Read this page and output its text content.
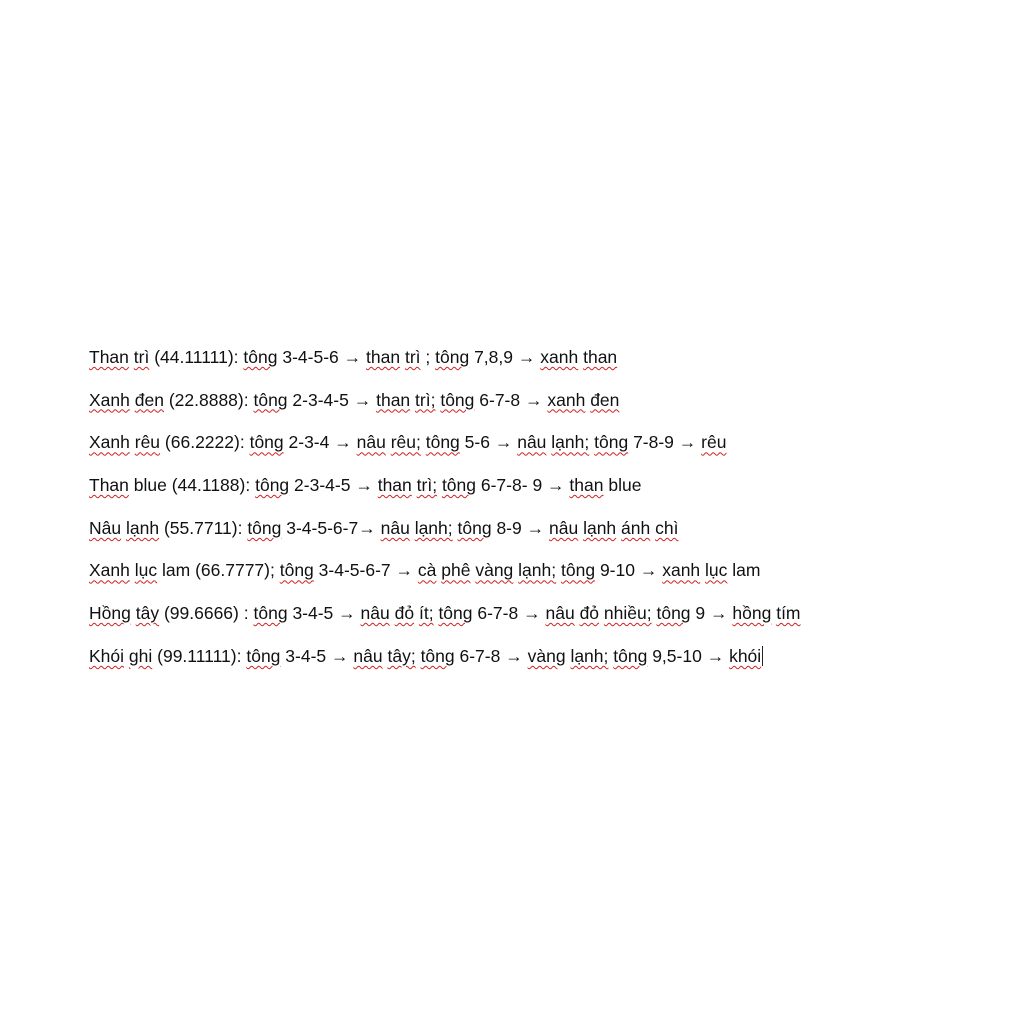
Than trì (44.11111): tông 3-4-5-6 → than trì ; tông 7,8,9 → xanh than
Xanh đen (22.8888): tông 2-3-4-5 → than trì; tông 6-7-8 → xanh đen
Xanh rêu (66.2222): tông 2-3-4 → nâu rêu; tông 5-6 → nâu lạnh; tông 7-8-9 → rêu
Than blue (44.1188): tông 2-3-4-5 → than trì; tông 6-7-8- 9 → than blue
Nâu lạnh (55.7711): tông 3-4-5-6-7→ nâu lạnh; tông 8-9 → nâu lạnh ánh chì
Xanh lục lam (66.7777); tông 3-4-5-6-7 → cà phê vàng lạnh; tông 9-10 → xanh lục lam
Hồng tây (99.6666) : tông 3-4-5 → nâu đỏ ít; tông 6-7-8 → nâu đỏ nhiều; tông 9 → hồng tím
Khói ghi (99.11111): tông 3-4-5 → nâu tây; tông 6-7-8 → vàng lạnh; tông 9,5-10 → khói
